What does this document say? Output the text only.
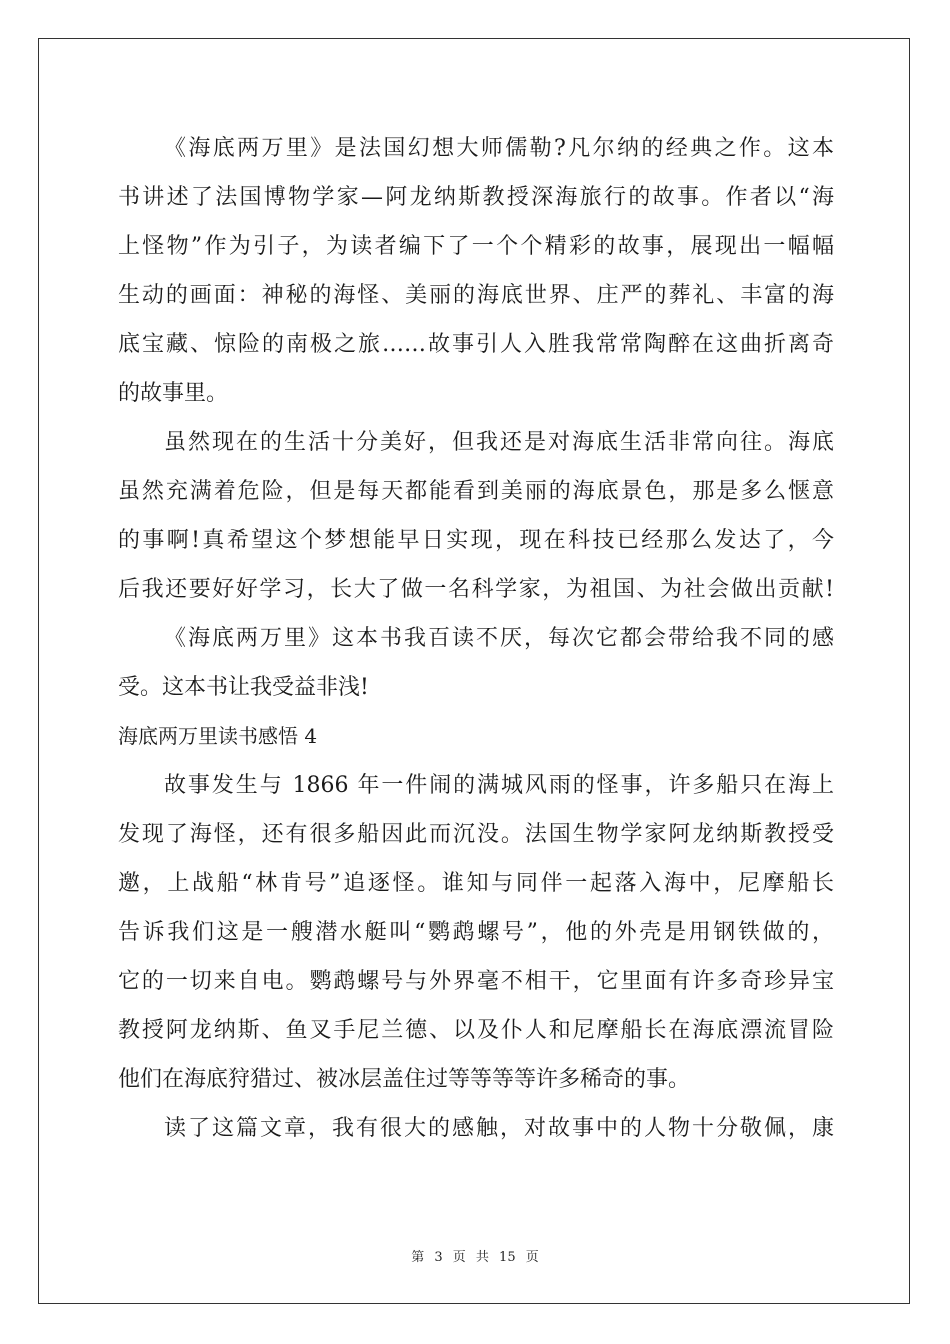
《海底两万里》是法国幻想大师儒勒?凡尔纳的经典之作。这本
书讲述了法国博物学家—阿龙纳斯教授深海旅行的故事。作者以“海
上怪物”作为引子，为读者编下了一个个精彩的故事，展现出一幅幅
生动的画面：神秘的海怪、美丽的海底世界、庄严的葬礼、丰富的海
底宝藏、惊险的南极之旅……故事引人入胜我常常陶醉在这曲折离奇
的故事里。
虽然现在的生活十分美好，但我还是对海底生活非常向往。海底
虽然充满着危险，但是每天都能看到美丽的海底景色，那是多么惬意
的事啊!真希望这个梦想能早日实现，现在科技已经那么发达了，今
后我还要好好学习，长大了做一名科学家，为祖国、为社会做出贡献!
《海底两万里》这本书我百读不厌，每次它都会带给我不同的感
受。这本书让我受益非浅!
海底两万里读书感悟 4
故事发生与 1866 年一件闹的满城风雨的怪事，许多船只在海上
发现了海怪，还有很多船因此而沉没。法国生物学家阿龙纳斯教授受
邀，上战船“林肯号”追逐怪。谁知与同伴一起落入海中，尼摩船长
告诉我们这是一艘潜水艇叫“鹦鹉螺号”，他的外壳是用钢铁做的，
它的一切来自电。鹦鹉螺号与外界毫不相干，它里面有许多奇珍异宝
教授阿龙纳斯、鱼叉手尼兰德、以及仆人和尼摩船长在海底漂流冒险
他们在海底狩猎过、被冰层盖住过等等等等许多稀奇的事。
读了这篇文章，我有很大的感触，对故事中的人物十分敬佩，康
第 3 页 共 15 页
